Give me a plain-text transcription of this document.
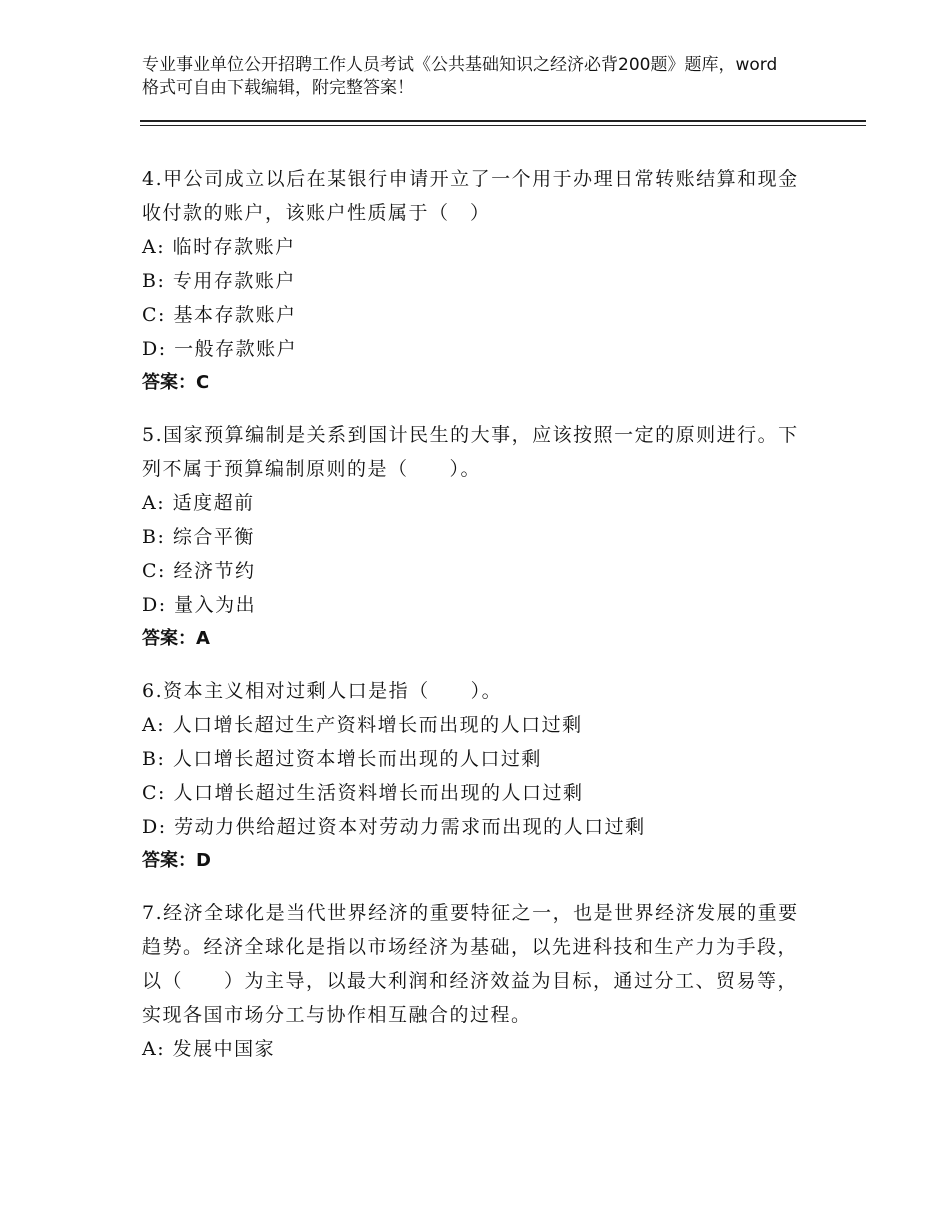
专业事业单位公开招聘工作人员考试《公共基础知识之经济必背200题》题库，word格式可自由下载编辑，附完整答案！
4.甲公司成立以后在某银行申请开立了一个用于办理日常转账结算和现金收付款的账户，该账户性质属于（　）
A: 临时存款账户
B: 专用存款账户
C: 基本存款账户
D: 一般存款账户
答案：C
5.国家预算编制是关系到国计民生的大事，应该按照一定的原则进行。下列不属于预算编制原则的是（　　）。
A: 适度超前
B: 综合平衡
C: 经济节约
D: 量入为出
答案：A
6.资本主义相对过剩人口是指（　　）。
A: 人口增长超过生产资料增长而出现的人口过剩
B: 人口增长超过资本增长而出现的人口过剩
C: 人口增长超过生活资料增长而出现的人口过剩
D: 劳动力供给超过资本对劳动力需求而出现的人口过剩
答案：D
7.经济全球化是当代世界经济的重要特征之一，也是世界经济发展的重要趋势。经济全球化是指以市场经济为基础，以先进科技和生产力为手段，以（　　）为主导，以最大利润和经济效益为目标，通过分工、贸易等，实现各国市场分工与协作相互融合的过程。
A: 发展中国家
